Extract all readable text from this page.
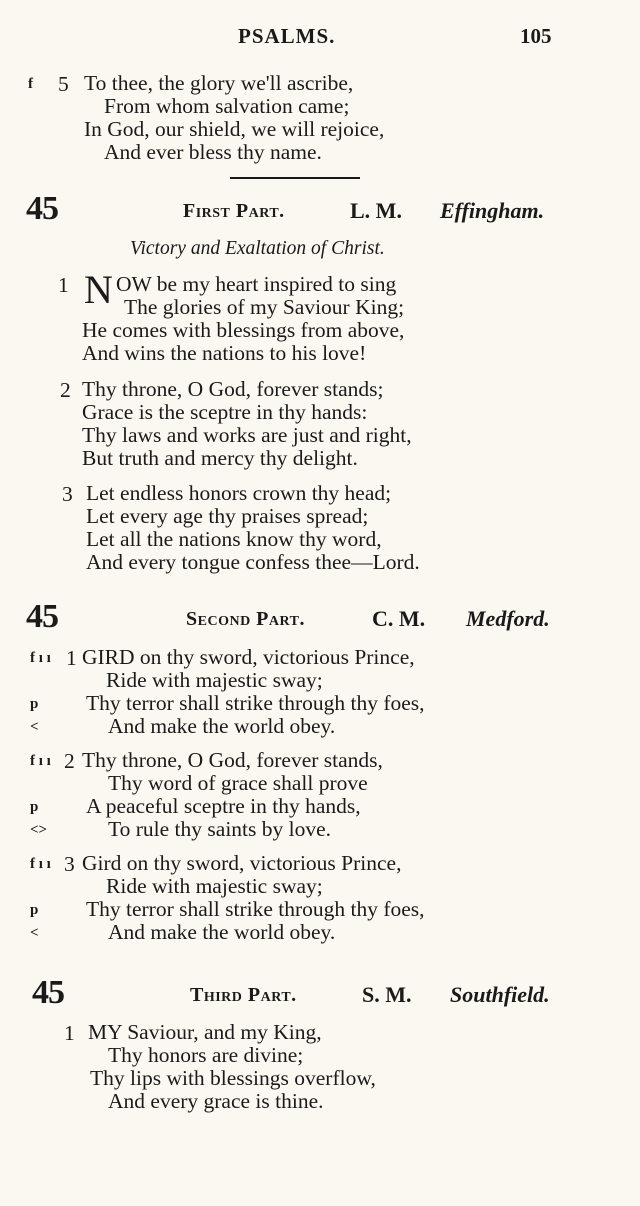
PSALMS.	105
f 5 To thee, the glory we'll ascribe,
From whom salvation came;
In God, our shield, we will rejoice,
And ever bless thy name.
45	First Part.	L. M. Effingham.
Victory and Exaltation of Christ.
1 N OW be my heart inspired to sing
The glories of my Saviour King;
He comes with blessings from above,
And wins the nations to his love!
2 Thy throne, O God, forever stands;
Grace is the sceptre in thy hands:
Thy laws and works are just and right,
But truth and mercy thy delight.
3 Let endless honors crown thy head;
Let every age thy praises spread;
Let all the nations know thy word,
And every tongue confess thee—Lord.
45	Second Part.	C. M. Medford.
f ı ı 1 GIRD on thy sword, victorious Prince,
Ride with majestic sway;
p Thy terror shall strike through thy foes,
<	And make the world obey.
f ı ı 2 Thy throne, O God, forever stands,
Thy word of grace shall prove
p A peaceful sceptre in thy hands,
<>	To rule thy saints by love.
f ı ı 3 Gird on thy sword, victorious Prince,
Ride with majestic sway;
p Thy terror shall strike through thy foes,
<	And make the world obey.
45	Third Part.	S. M. Southfield.
1 MY Saviour, and my King,
Thy honors are divine;
Thy lips with blessings overflow,
And every grace is thine.
